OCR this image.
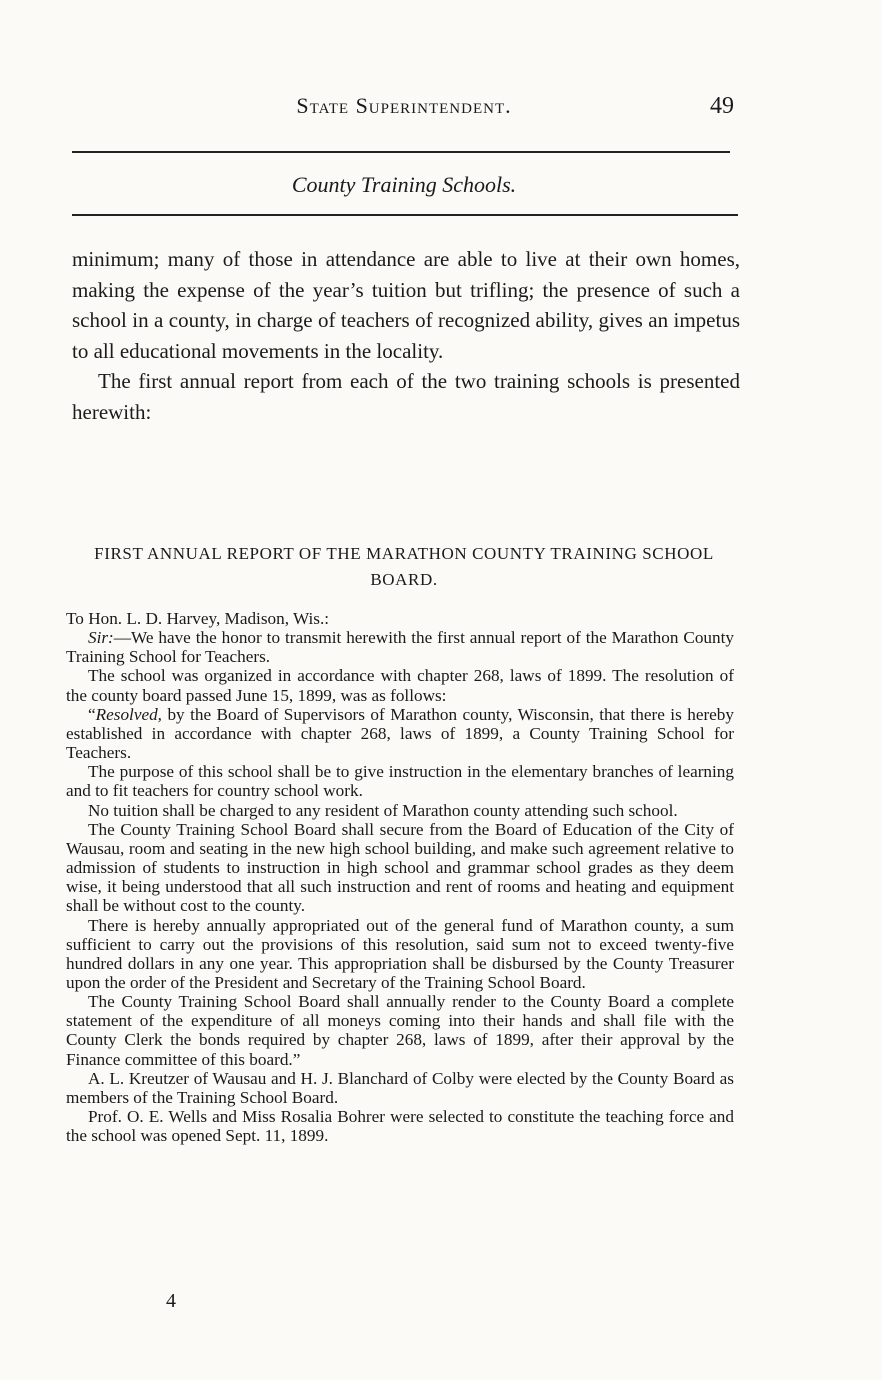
State Superintendent.	49
County Training Schools.

minimum; many of those in attendance are able to live at their own homes, making the expense of the year’s tuition but trifling; the presence of such a school in a county, in charge of teachers of recognized ability, gives an impetus to all educational movements in the locality.

The first annual report from each of the two training schools is presented herewith:

FIRST ANNUAL REPORT OF THE MARATHON COUNTY TRAINING SCHOOL BOARD.

To Hon. L. D. Harvey, Madison, Wis.:

Sir:—We have the honor to transmit herewith the first annual report of the Marathon County Training School for Teachers.

The school was organized in accordance with chapter 268, laws of 1899. The resolution of the county board passed June 15, 1899, was as follows:

“Resolved, by the Board of Supervisors of Marathon county, Wisconsin, that there is hereby established in accordance with chapter 268, laws of 1899, a County Training School for Teachers.

The purpose of this school shall be to give instruction in the elementary branches of learning and to fit teachers for country school work.

No tuition shall be charged to any resident of Marathon county attending such school.

The County Training School Board shall secure from the Board of Education of the City of Wausau, room and seating in the new high school building, and make such agreement relative to admission of students to instruction in high school and grammar school grades as they deem wise, it being understood that all such instruction and rent of rooms and heating and equipment shall be without cost to the county.

There is hereby annually appropriated out of the general fund of Marathon county, a sum sufficient to carry out the provisions of this resolution, said sum not to exceed twenty-five hundred dollars in any one year. This appropriation shall be disbursed by the County Treasurer upon the order of the President and Secretary of the Training School Board.

The County Training School Board shall annually render to the County Board a complete statement of the expenditure of all moneys coming into their hands and shall file with the County Clerk the bonds required by chapter 268, laws of 1899, after their approval by the Finance committee of this board.”

A. L. Kreutzer of Wausau and H. J. Blanchard of Colby were elected by the County Board as members of the Training School Board.

Prof. O. E. Wells and Miss Rosalia Bohrer were selected to constitute the teaching force and the school was opened Sept. 11, 1899.

4
